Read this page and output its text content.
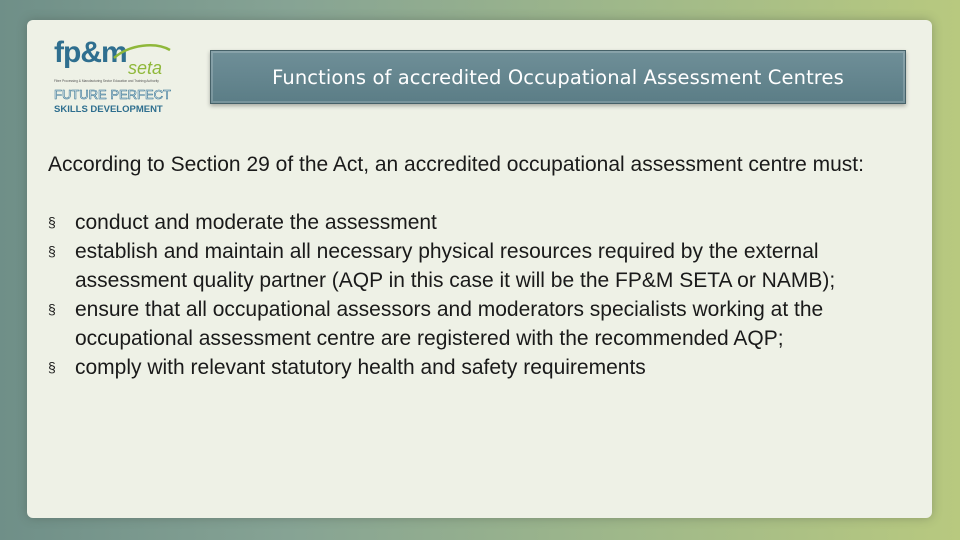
fp&m seta
Fibre Processing & Manufacturing Sector Education and Training Authority
FUTURE PERFECT
SKILLS DEVELOPMENT
Functions of accredited Occupational Assessment Centres

According to Section 29 of the Act, an accredited occupational assessment centre must:

§ conduct and moderate the assessment
§ establish and maintain all necessary physical resources required by the external assessment quality partner (AQP in this case it will be the FP&M SETA or NAMB);
§ ensure that all occupational assessors and moderators specialists working at the occupational assessment centre are registered with the recommended AQP;
§ comply with relevant statutory health and safety requirements
